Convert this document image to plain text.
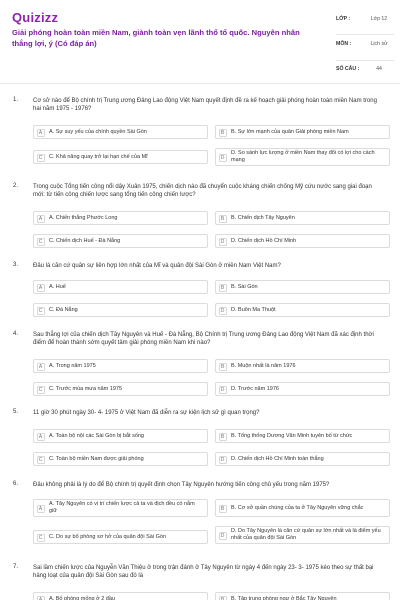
Quizizz
Giải phóng hoàn toàn miền Nam, giành toàn vẹn lãnh thổ tổ quốc. Nguyên nhân thắng lợi, ý (Có đáp án)
LỚP :	Lớp 12
MÔN :	Lịch sử
SỐ CÂU :	44
1. Cơ sở nào để Bộ chính trị Trung ương Đảng Lao động Việt Nam quyết định đề ra kế hoạch giải phóng hoàn toàn miền Nam trong hai năm 1975 - 1976?
A	A. Sự suy yếu của chính quyền Sài Gòn	B	B. Sự lớn mạnh của quân Giải phóng miền Nam
C	C. Khả năng quay trở lại hạn chế của Mĩ	D
D. So sánh lực lượng ở miền Nam thay đổi có lợi cho cách mạng
2. Trong cuộc Tổng tiến công nổi dậy Xuân 1975, chiến dịch nào đã chuyển cuộc kháng chiến chống Mỹ cứu nước sang giai đoạn mới: từ tiến công chiến lược sang tổng tiến công chiến lược?
A	A. Chiến thắng Phước Long	B	B. Chiến dịch Tây Nguyên
C	C. Chiến dịch Huế - Đà Nẵng	D	D. Chiến dịch Hồ Chí Minh
3. Đâu là căn cứ quân sự liên hợp lớn nhất của Mĩ và quân đội Sài Gòn ở miền Nam Việt Nam?
A	A. Huế	B	B. Sài Gòn
C	C. Đà Nẵng	D	D. Buôn Ma Thuột
4. Sau thắng lợi của chiến dịch Tây Nguyên và Huế - Đà Nẵng, Bộ Chính trị Trung ương Đảng Lao động Việt Nam đã xác định thời điểm để hoàn thành sớm quyết tâm giải phóng miền Nam khi nào?
A	A. Trong năm 1975	B	B. Muộn nhất là năm 1976
C	C. Trước mùa mưa năm 1975	D	D. Trước năm 1976
5. 11 giờ 30 phút ngày 30- 4- 1975 ở Việt Nam đã diễn ra sự kiện lịch sử gì quan trọng?
A	A. Toàn bộ nội các Sài Gòn bị bắt sống	B	B. Tổng thống Dương Văn Minh tuyên bố từ chức
C	C. Toàn bộ miền Nam được giải phóng	D	D. Chiến dịch Hồ Chí Minh toàn thắng
6. Đâu không phải là lý do để Bộ chính trị quyết định chọn Tây Nguyên hướng tiến công chủ yếu trong năm 1975?
A
A. Tây Nguyên có vị trí chiến lược cả ta và địch đều có nắm giữ	B	B. Cơ sở quần chúng của ta ở Tây Nguyên vững chắc
C	C. Do sự bố phòng sơ hở của quân đội Sài Gòn	D
D. Do Tây Nguyên là căn cứ quân sự lớn nhất và là điểm yếu nhất của quân đội Sài Gòn
7. Sai lầm chiến lược của Nguyễn Văn Thiệu ở trong trận đánh ở Tây Nguyên từ ngày 4 đến ngày 23- 3- 1975 kéo theo sự thất bại hàng loạt của quân đội Sài Gòn sau đó là
A	A. Bố phòng mỏng ở 2 đầu	B	B. Tập trung phòng ngự ở Bắc Tây Nguyên
